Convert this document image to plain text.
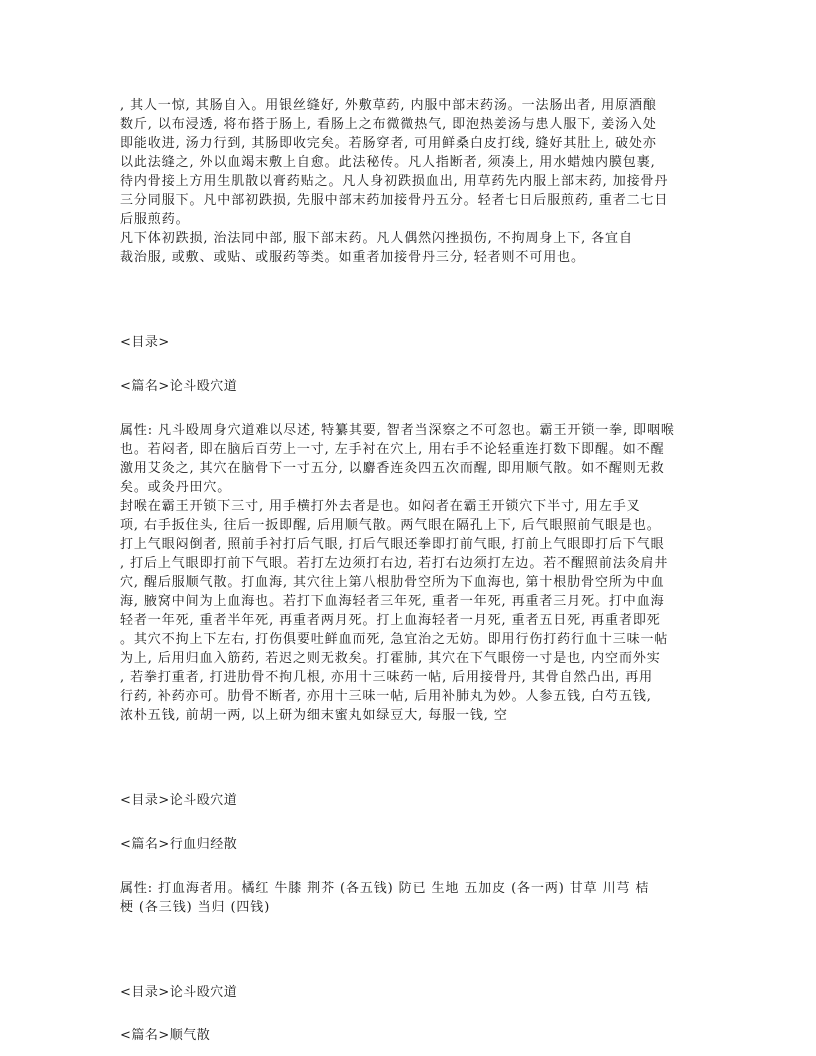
, 其人一惊, 其肠自入。用银丝缝好, 外敷草药, 内服中部末药汤。一法肠出者, 用原酒酿
数斤, 以布浸透, 将布搭于肠上, 看肠上之布微微热气, 即泡热姜汤与患人服下, 姜汤入处
即能收进, 汤力行到, 其肠即收完矣。若肠穿者, 可用鲜桑白皮打线, 缝好其肚上, 破处亦
以此法缝之, 外以血竭末敷上自愈。此法秘传。凡人指断者, 须凑上, 用水蜡烛内膜包裹,
待内骨接上方用生肌散以膏药贴之。凡人身初跌损血出, 用草药先内服上部末药, 加接骨丹
三分同服下。凡中部初跌损, 先服中部末药加接骨丹五分。轻者七日后服煎药, 重者二七日
后服煎药。

凡下体初跌损, 治法同中部, 服下部末药。凡人偶然闪挫损伤, 不拘周身上下, 各宜自
裁治服, 或敷、或贴、或服药等类。如重者加接骨丹三分, 轻者则不可用也。

<目录>

<篇名>论斗殴穴道

属性: 凡斗殴周身穴道难以尽述, 特纂其要, 智者当深察之不可忽也。霸王开锁一拳, 即咽喉
也。若闷者, 即在脑后百劳上一寸, 左手衬在穴上, 用右手不论轻重连打数下即醒。如不醒
激用艾灸之, 其穴在脑骨下一寸五分, 以麝香连灸四五次而醒, 即用顺气散。如不醒则无救
矣。或灸丹田穴。

封喉在霸王开锁下三寸, 用手横打外去者是也。如闷者在霸王开锁穴下半寸, 用左手叉
项, 右手扳住头, 往后一扳即醒, 后用顺气散。两气眼在隔孔上下, 后气眼照前气眼是也。
打上气眼闷倒者, 照前手衬打后气眼, 打后气眼还拳即打前气眼, 打前上气眼即打后下气眼
, 打后上气眼即打前下气眼。若打左边须打右边, 若打右边须打左边。若不醒照前法灸肩井
穴, 醒后服顺气散。打血海, 其穴往上第八根肋骨空所为下血海也, 第十根肋骨空所为中血
海, 腋窝中间为上血海也。若打下血海轻者三年死, 重者一年死, 再重者三月死。打中血海
轻者一年死, 重者半年死, 再重者两月死。打上血海轻者一月死, 重者五日死, 再重者即死
。其穴不拘上下左右, 打伤俱要吐鲜血而死, 急宜治之无妨。即用行伤打药行血十三味一帖
为上, 后用归血入筋药, 若迟之则无救矣。打霍肺, 其穴在下气眼傍一寸是也, 内空而外实
, 若拳打重者, 打进肋骨不拘几根, 亦用十三味药一帖, 后用接骨丹, 其骨自然凸出, 再用
行药, 补药亦可。肋骨不断者, 亦用十三味一帖, 后用补肺丸为妙。人参五钱, 白芍五钱,
浓朴五钱, 前胡一两, 以上研为细末蜜丸如绿豆大, 每服一钱, 空

<目录>论斗殴穴道

<篇名>行血归经散

属性: 打血海者用。橘红 牛膝 荆芥 (各五钱) 防已 生地 五加皮 (各一两) 甘草 川芎 桔
梗 (各三钱) 当归 (四钱)

<目录>论斗殴穴道

<篇名>顺气散
